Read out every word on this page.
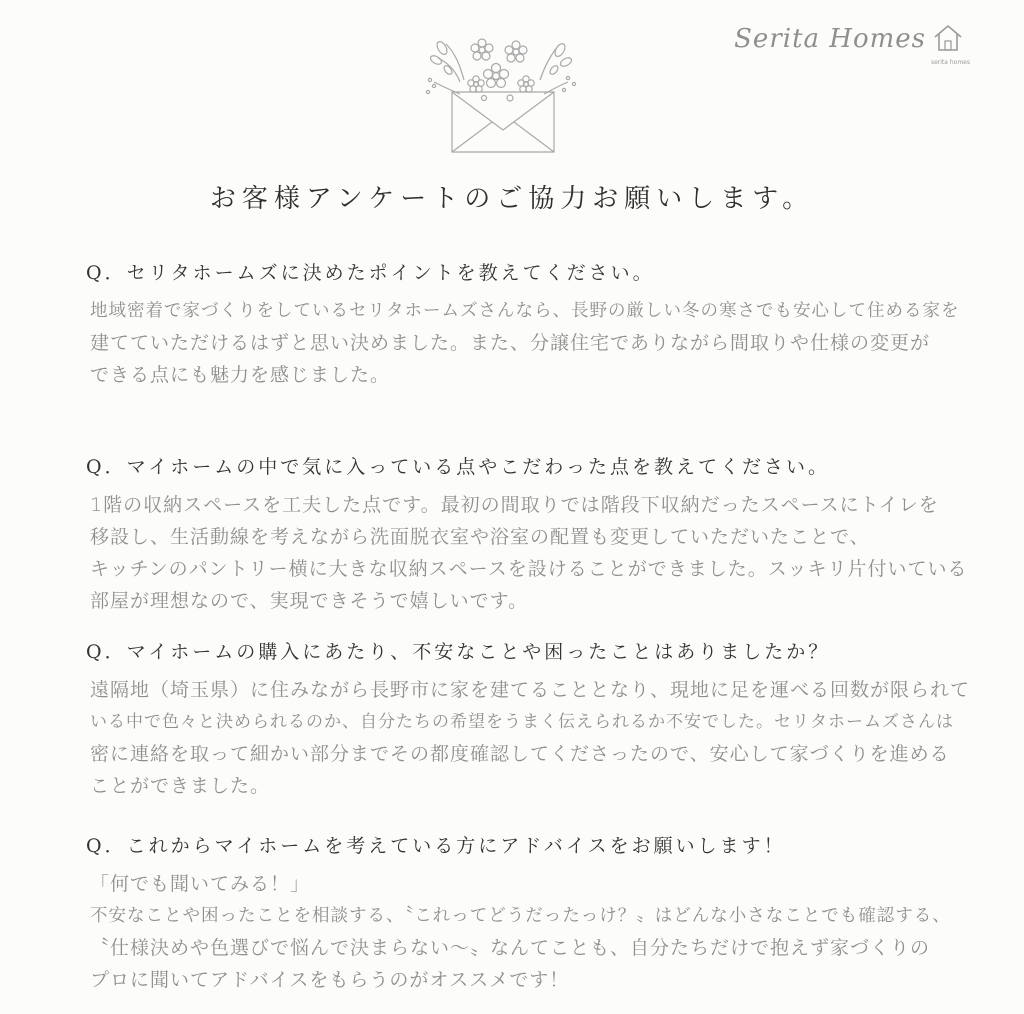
Serita Homes
serita homes
お客様アンケートのご協力お願いします。
Q．セリタホームズに決めたポイントを教えてください。
地域密着で家づくりをしているセリタホームズさんなら、長野の厳しい冬の寒さでも安心して住める家を
建てていただけるはずと思い決めました。また、分譲住宅でありながら間取りや仕様の変更が
できる点にも魅力を感じました。
Q．マイホームの中で気に入っている点やこだわった点を教えてください。
1階の収納スペースを工夫した点です。最初の間取りでは階段下収納だったスペースにトイレを
移設し、生活動線を考えながら洗面脱衣室や浴室の配置も変更していただいたことで、
キッチンのパントリー横に大きな収納スペースを設けることができました。スッキリ片付いている
部屋が理想なので、実現できそうで嬉しいです。
Q．マイホームの購入にあたり、不安なことや困ったことはありましたか？
遠隔地（埼玉県）に住みながら長野市に家を建てることとなり、現地に足を運べる回数が限られて
いる中で色々と決められるのか、自分たちの希望をうまく伝えられるか不安でした。セリタホームズさんは
密に連絡を取って細かい部分までその都度確認してくださったので、安心して家づくりを進める
ことができました。
Q．これからマイホームを考えている方にアドバイスをお願いします！
「何でも聞いてみる！」
不安なことや困ったことを相談する、〝これってどうだったっけ？〟はどんな小さなことでも確認する、
〝仕様決めや色選びで悩んで決まらない～〟なんてことも、自分たちだけで抱えず家づくりの
プロに聞いてアドバイスをもらうのがオススメです！
